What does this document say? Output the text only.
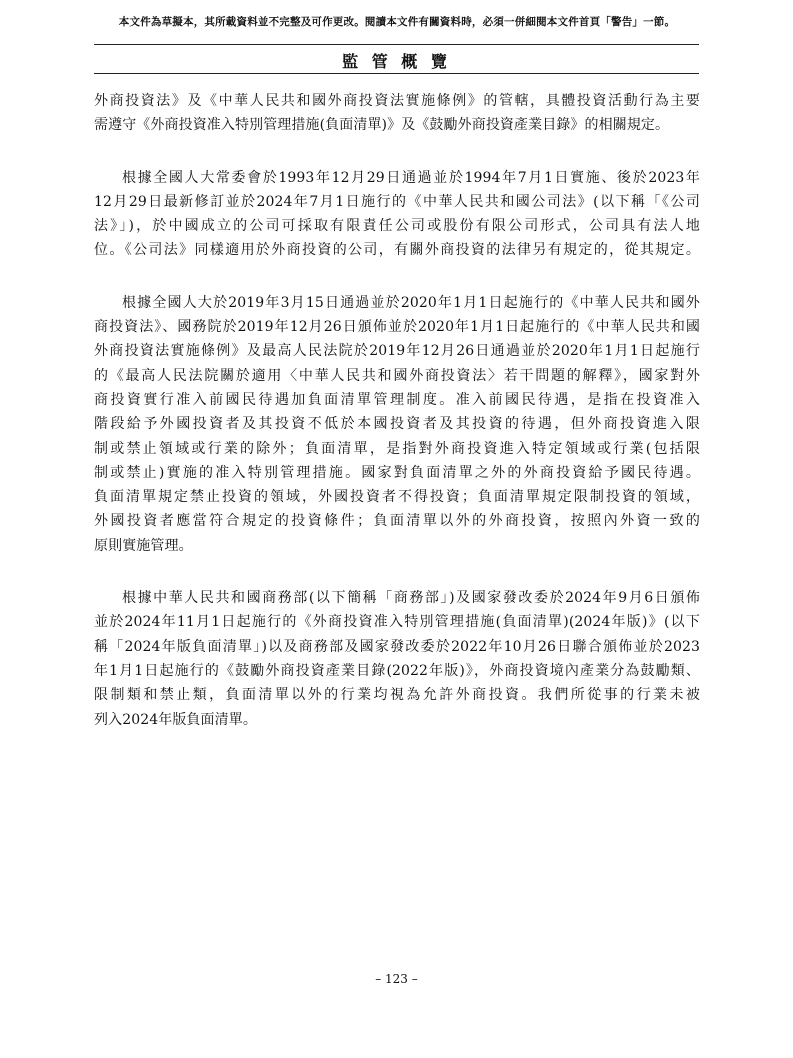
本文件為草擬本，其所載資料並不完整及可作更改。閱讀本文件有關資料時，必須一併細閱本文件首頁「警告」一節。
監 管 概 覽
外商投資法》及《中華人民共和國外商投資法實施條例》的管轄，具體投資活動行為主要
需遵守《外商投資准入特別管理措施(負面清單)》及《鼓勵外商投資產業目錄》的相關規定。
根據全國人大常委會於1993年12月29日通過並於1994年7月1日實施、後於2023年
12月29日最新修訂並於2024年7月1日施行的《中華人民共和國公司法》(以下稱「《公司
法》」)，於中國成立的公司可採取有限責任公司或股份有限公司形式，公司具有法人地
位。《公司法》同樣適用於外商投資的公司，有關外商投資的法律另有規定的，從其規定。
根據全國人大於2019年3月15日通過並於2020年1月1日起施行的《中華人民共和國外
商投資法》、國務院於2019年12月26日頒佈並於2020年1月1日起施行的《中華人民共和國
外商投資法實施條例》及最高人民法院於2019年12月26日通過並於2020年1月1日起施行
的《最高人民法院關於適用〈中華人民共和國外商投資法〉若干問題的解釋》，國家對外
商投資實行准入前國民待遇加負面清單管理制度。准入前國民待遇，是指在投資准入
階段給予外國投資者及其投資不低於本國投資者及其投資的待遇，但外商投資進入限
制或禁止領域或行業的除外；負面清單，是指對外商投資進入特定領域或行業(包括限
制或禁止)實施的准入特別管理措施。國家對負面清單之外的外商投資給予國民待遇。
負面清單規定禁止投資的領域，外國投資者不得投資；負面清單規定限制投資的領域，
外國投資者應當符合規定的投資條件；負面清單以外的外商投資，按照內外資一致的
原則實施管理。
根據中華人民共和國商務部(以下簡稱「商務部」)及國家發改委於2024年9月6日頒佈
並於2024年11月1日起施行的《外商投資准入特別管理措施(負面清單)(2024年版)》(以下
稱「2024年版負面清單」)以及商務部及國家發改委於2022年10月26日聯合頒佈並於2023
年1月1日起施行的《鼓勵外商投資產業目錄(2022年版)》，外商投資境內產業分為鼓勵類、
限制類和禁止類，負面清單以外的行業均視為允許外商投資。我們所從事的行業未被
列入2024年版負面清單。
– 123 –
